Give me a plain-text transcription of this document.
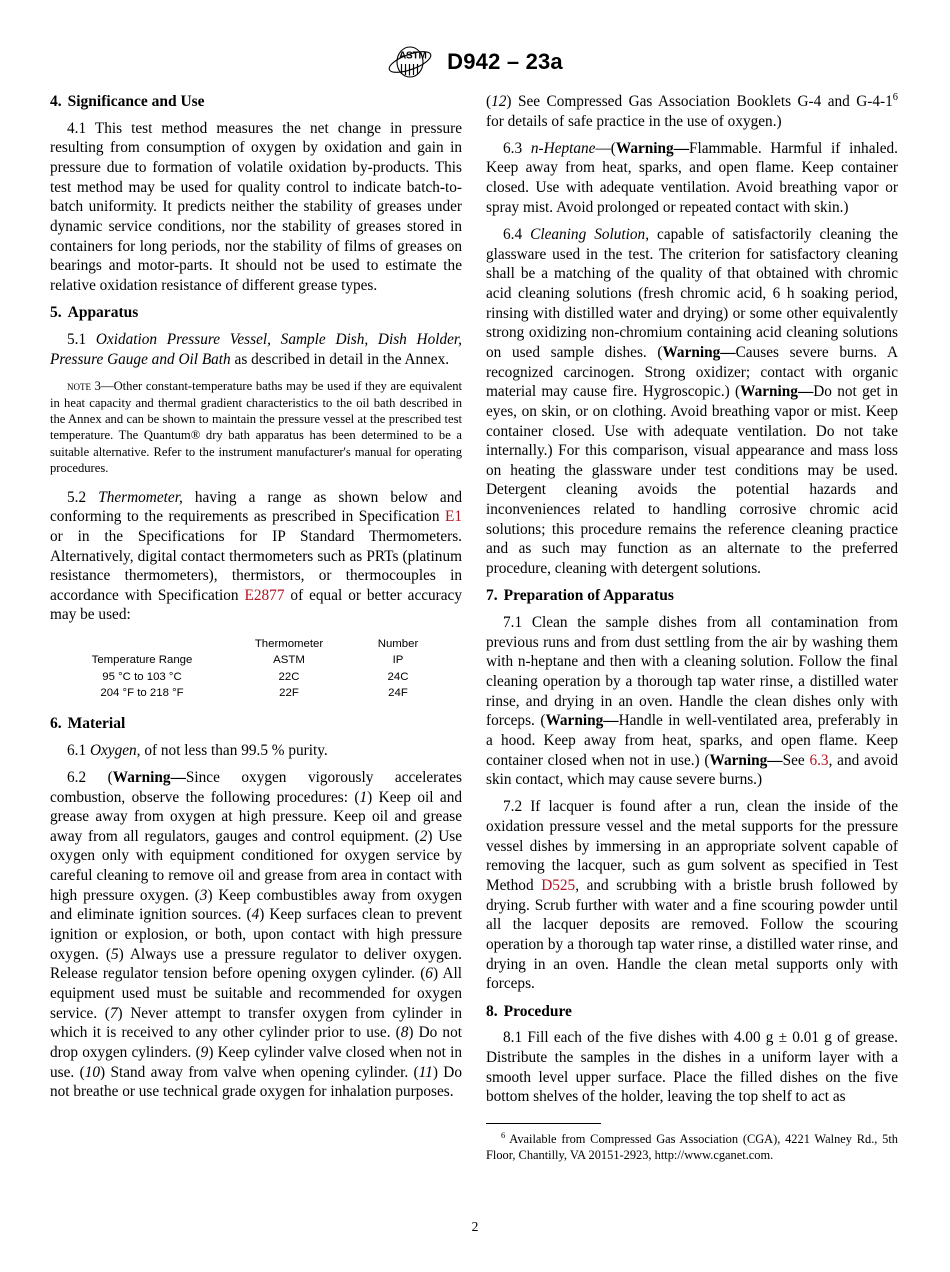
A S T M D942 – 23a
4. Significance and Use

4.1 This test method measures the net change in pressure resulting from consumption of oxygen by oxidation and gain in pressure due to formation of volatile oxidation by-products. This test method may be used for quality control to indicate batch-to-batch uniformity. It predicts neither the stability of greases under dynamic service conditions, nor the stability of greases stored in containers for long periods, nor the stability of films of greases on bearings and motor-parts. It should not be used to estimate the relative oxidation resistance of different grease types.

5. Apparatus

5.1 Oxidation Pressure Vessel, Sample Dish, Dish Holder, Pressure Gauge and Oil Bath as described in detail in the Annex.

note 3—Other constant-temperature baths may be used if they are equivalent in heat capacity and thermal gradient characteristics to the oil bath described in the Annex and can be shown to maintain the pressure vessel at the prescribed test temperature. The Quantum® dry bath apparatus has been determined to be a suitable alternative. Refer to the instrument manufacturer's manual for operating procedures.

5.2 Thermometer, having a range as shown below and conforming to the requirements as prescribed in Specification E1 or in the Specifications for IP Standard Thermometers. Alternatively, digital contact thermometers such as PRTs (platinum resistance thermometers), thermistors, or thermocouples in accordance with Specification E2877 of equal or better accuracy may be used:

	Thermometer	Number
Temperature Range	ASTM	IP
95 °C to 103 °C	22C	24C
204 °F to 218 °F	22F	24F
6. Material

6.1 Oxygen, of not less than 99.5 % purity.

6.2 (Warning—Since oxygen vigorously accelerates combustion, observe the following procedures: (1) Keep oil and grease away from oxygen at high pressure. Keep oil and grease away from all regulators, gauges and control equipment. (2) Use oxygen only with equipment conditioned for oxygen service by careful cleaning to remove oil and grease from area in contact with high pressure oxygen. (3) Keep combustibles away from oxygen and eliminate ignition sources. (4) Keep surfaces clean to prevent ignition or explosion, or both, upon contact with high pressure oxygen. (5) Always use a pressure regulator to deliver oxygen. Release regulator tension before opening oxygen cylinder. (6) All equipment used must be suitable and recommended for oxygen service. (7) Never attempt to transfer oxygen from cylinder in which it is received to any other cylinder prior to use. (8) Do not drop oxygen cylinders. (9) Keep cylinder valve closed when not in use. (10) Stand away from valve when opening cylinder. (11) Do not breathe or use technical grade oxygen for inhalation purposes.

(12) See Compressed Gas Association Booklets G-4 and $G-4-1^6$ for details of safe practice in the use of oxygen.)

6.3 n-Heptane—(Warning—Flammable. Harmful if inhaled. Keep away from heat, sparks, and open flame. Keep container closed. Use with adequate ventilation. Avoid breathing vapor or spray mist. Avoid prolonged or repeated contact with skin.)

6.4 Cleaning Solution, capable of satisfactorily cleaning the glassware used in the test. The criterion for satisfactory cleaning shall be a matching of the quality of that obtained with chromic acid cleaning solutions (fresh chromic acid, 6 h soaking period, rinsing with distilled water and drying) or some other equivalently strong oxidizing non-chromium containing acid cleaning solutions on used sample dishes. (Warning—Causes severe burns. A recognized carcinogen. Strong oxidizer; contact with organic material may cause fire. Hygroscopic.) (Warning—Do not get in eyes, on skin, or on clothing. Avoid breathing vapor or mist. Keep container closed. Use with adequate ventilation. Do not take internally.) For this comparison, visual appearance and mass loss on heating the glassware under test conditions may be used. Detergent cleaning avoids the potential hazards and inconveniences related to handling corrosive chromic acid solutions; this procedure remains the reference cleaning practice and as such may function as an alternate to the preferred procedure, cleaning with detergent solutions.

7. Preparation of Apparatus

7.1 Clean the sample dishes from all contamination from previous runs and from dust settling from the air by washing them with n-heptane and then with a cleaning solution. Follow the final cleaning operation by a thorough tap water rinse, a distilled water rinse, and drying in an oven. Handle the clean dishes only with forceps. (Warning—Handle in well-ventilated area, preferably in a hood. Keep away from heat, sparks, and open flame. Keep container closed when not in use.) (Warning—See 6.3, and avoid skin contact, which may cause severe burns.)

7.2 If lacquer is found after a run, clean the inside of the oxidation pressure vessel and the metal supports for the pressure vessel dishes by immersing in an appropriate solvent capable of removing the lacquer, such as gum solvent as specified in Test Method D525, and scrubbing with a bristle brush followed by drying. Scrub further with water and a fine scouring powder until all the lacquer deposits are removed. Follow the scouring operation by a thorough tap water rinse, a distilled water rinse, and drying in an oven. Handle the clean metal supports only with forceps.

8. Procedure

8.1 Fill each of the five dishes with 4.00 g ± 0.01 g of grease. Distribute the samples in the dishes in a uniform layer with a smooth level upper surface. Place the filled dishes on the five bottom shelves of the holder, leaving the top shelf to act as

$^6$ Available from Compressed Gas Association (CGA), 4221 Walney Rd., 5th Floor, Chantilly, VA 20151-2923, http://www.cganet.com.

2
